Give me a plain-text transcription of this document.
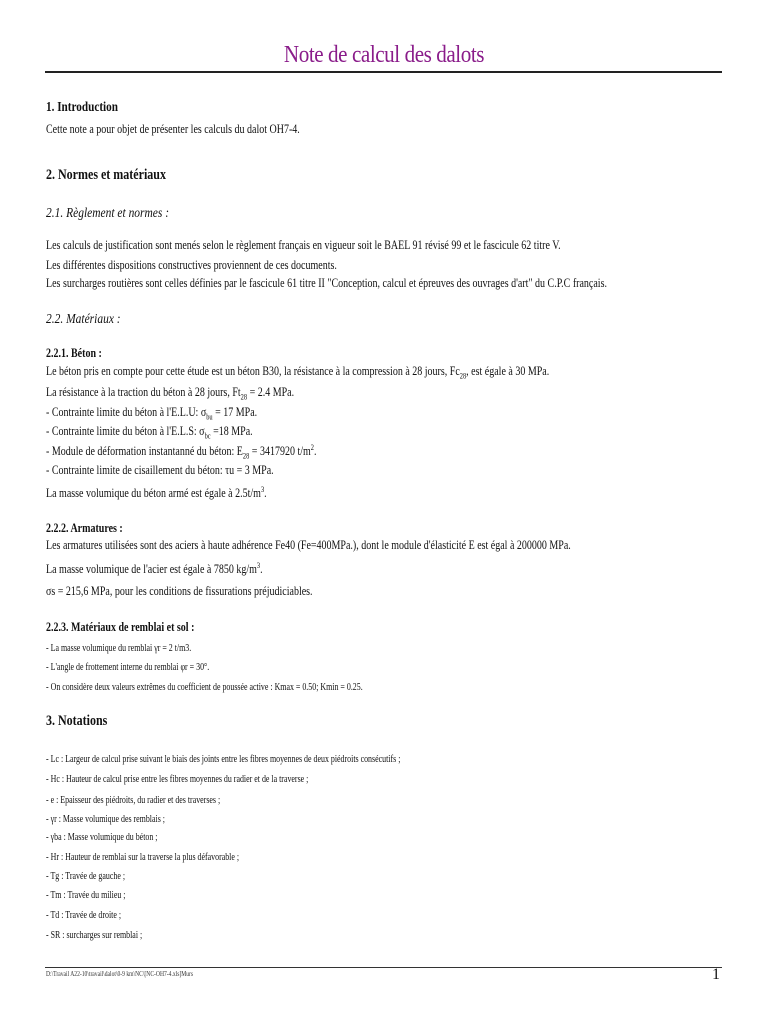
Note de calcul des dalots
1. Introduction
Cette note a pour objet de présenter les calculs du dalot OH7-4.
2. Normes et matériaux
2.1. Règlement et normes :
Les calculs de justification sont menés selon le règlement français en vigueur soit le BAEL 91 révisé 99 et le fascicule 62 titre V.
Les différentes dispositions constructives proviennent de ces documents.
Les surcharges routières sont celles définies par le fascicule 61 titre II "Conception, calcul et épreuves des ouvrages d'art" du C.P.C français.
2.2. Matériaux :
2.2.1. Béton :
Le béton pris en compte pour cette étude est un béton B30, la résistance à la compression à 28 jours, $Fc_{28}$, est égale à 30 MPa.
La résistance à la traction du béton à 28 jours, $Ft_{28} = 2.4$ MPa.
- Contrainte limite du béton à l'E.L.U: $\sigma_{bu} = 17$ MPa.
- Contrainte limite du béton à l'E.L.S: $\sigma_{bc} =18$ MPa.
- Module de déformation instantanné du béton: $E_{28} = 3417920$ $t/m^2$.
- Contrainte limite de cisaillement du béton: τu = 3 MPa.
La masse volumique du béton armé est égale à $2.5t/m^3$.
2.2.2. Armatures :
Les armatures utilisées sont des aciers à haute adhérence Fe40 (Fe=400MPa.), dont le module d'élasticité E est égal à 200000 MPa.
La masse volumique de l'acier est égale à 7850 $kg/m^3$.
σs = 215,6 MPa, pour les conditions de fissurations préjudiciables.
2.2.3. Matériaux de remblai et sol :
- La masse volumique du remblai γr = 2 t/m3.
- L'angle de frottement interne du remblai φr = 30°.
- On considère deux valeurs extrêmes du coefficient de poussée active : Kmax = 0.50; Kmin = 0.25.
3. Notations
- Lc : Largeur de calcul prise suivant le biais des joints entre les fibres moyennes de deux piédroits consécutifs ;
- Hc : Hauteur de calcul prise entre les fibres moyennes du radier et de la traverse ;
- e : Epaisseur des piédroits, du radier et des traverses ;
- γr : Masse volumique des remblais ;
- γba : Masse volumique du béton ;
- Hr : Hauteur de remblai sur la traverse la plus défavorable ;
- Tg : Travée de gauche ;
- Tm : Travée du milieu ;
- Td : Travée de droite ;
- SR : surcharges sur remblai ;
D:\Travail A22-10\travail\dalot\0-9 km\NC\[NC-OH7-4.xls]Murs	1
